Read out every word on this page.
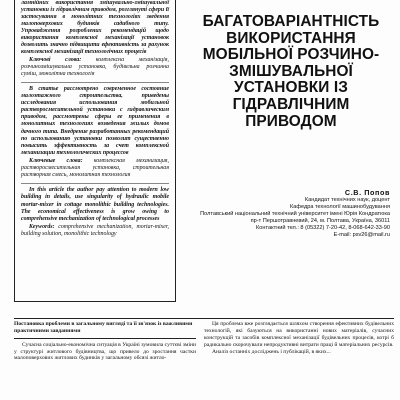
ламнійних використання змішувально-змішувальної установки із гідравлічним приводом, розглянуті сфери її застосування в монолітних технологіях зведення малоповерхових будинків садибного типу. Упровадження розроблених рекомендацій щодо використання комплексної механізації установок дозволить значно підвищити ефективність за рахунок комплексної механізації технологічних процесів

Ключові слова: комплексна механізація, розчинозмішувальна установка, будівельна розчинна суміш, монолітна технологія

В статье рассмотрено современное состояние малоэтажного строительства, приведены исследования использования мобильной растворосмесительной установки с гидравлическим приводом, рассмотрены сферы ее применения в монолитных технологиях возведения жилых домов дачного типа. Внедрение разработанных рекомендаций по использованию установки позволит существенно повысить эффективность за счет комплексной механизации технологических процессов

Ключевые слова: комплексная механизация, растворосмесительная установка, строительная растворная смесь, монолитная технология

In this article the author pay attention to modern low building in details, use singularity of hydraulic mobile mortar-mixer in cottage monolithic building technologies. The economical effectiveness is grow owing to comprehensive mechanization of technological processes

Keywords: comprehensive mechanization, mortar-mixer, building solution, monolithic technology

БАГАТОВАРІАНТНІСТЬ ВИКОРИСТАННЯ МОБІЛЬНОЇ РОЗЧИНО-ЗМІШУВАЛЬНОЇ УСТАНОВКИ ІЗ ГІДРАВЛІЧНИМ ПРИВОДОМ
С.В. Попов
Кандидат технічних наук, доцент
Кафедра технології машинобудування
Полтавський національний технічний університет імені Юрія Кондратюка
пр-т Першотравневий, 24, м. Полтава, Україна, 36011
Контактний тел.: 8 (05322) 7-20-42, 8-068-642-33-90
E-mail: psv26@mail.ru

Постановка проблеми в загальному вигляді та її зв'язок із важливими практичними завданнями

Сучасна соціально-економічна ситуація в Україні зумовила суттєві зміни у структурі житлового будівництва, що привело до зростання частки малоповерхових житлових будинків у загальному обсязі житло-

Ця проблема вже розглядається шляхом створення ефективних будівельних технологій, які базуються на використанні нових матеріалів, сучасних конструкцій та засобів комплексної механізації будівельних процесів, котрі б радикально скорочували непродуктивні витрати праці й матеріальних ресурсів.

Аналіз останніх досліджень і публікацій, в яких...
